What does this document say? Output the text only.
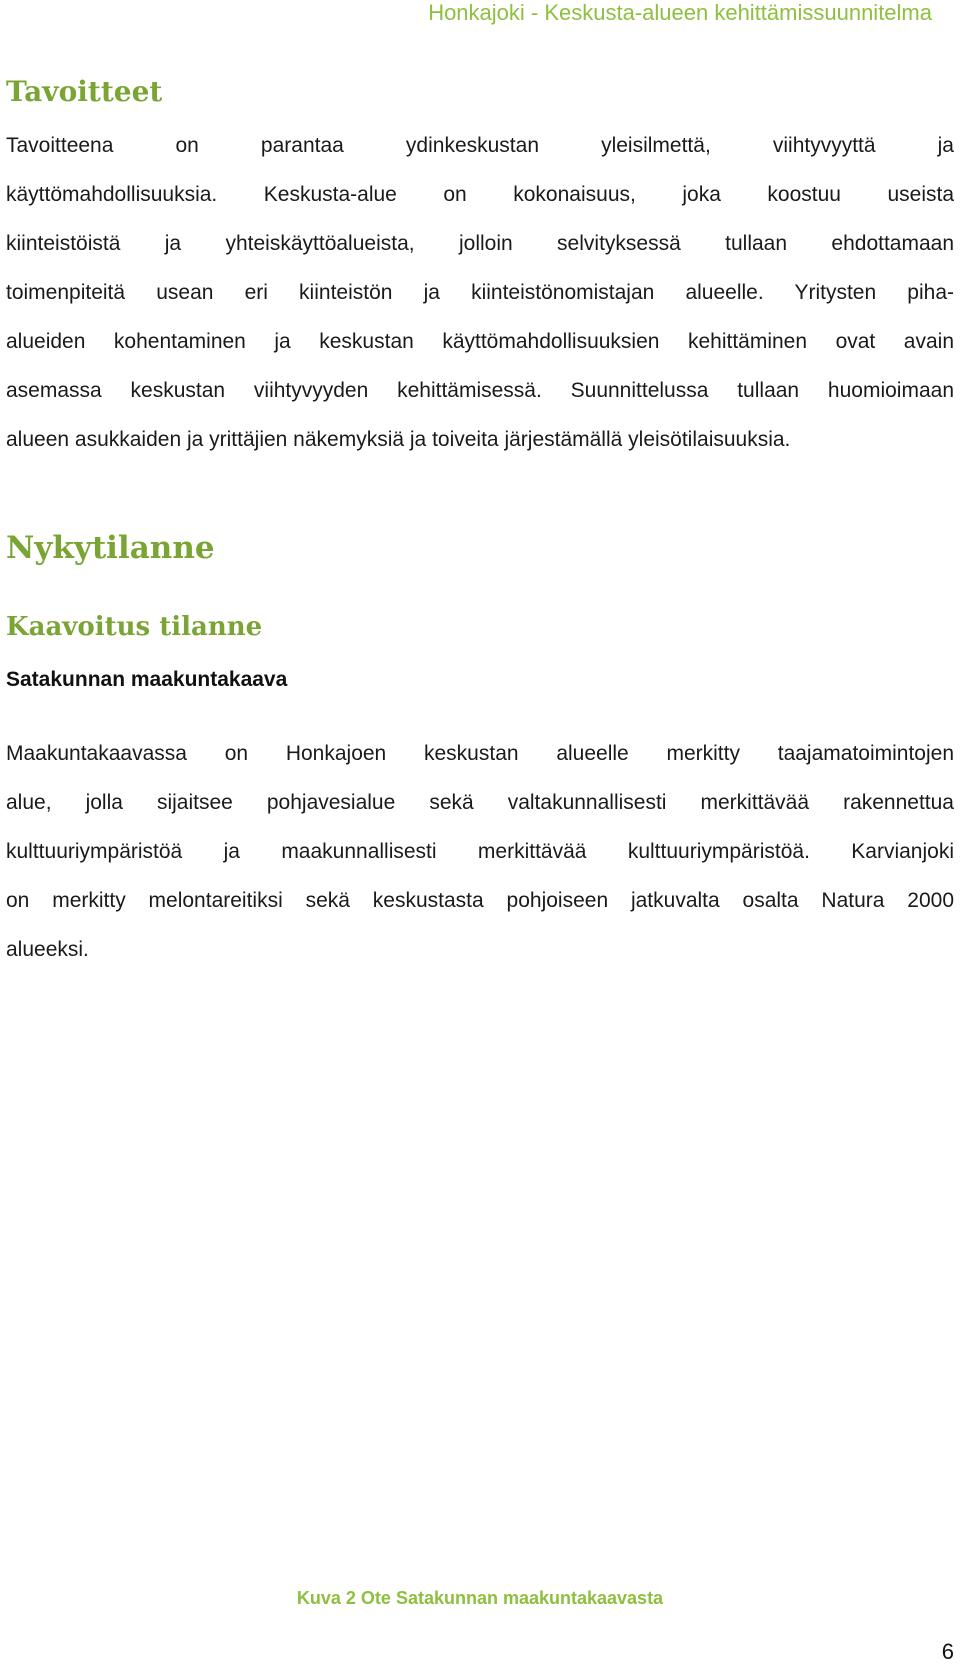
Honkajoki - Keskusta-alueen kehittämissuunnitelma
Tavoitteet
Tavoitteena on parantaa ydinkeskustan yleisilmettä, viihtyvyyttä ja
käyttömahdollisuuksia. Keskusta-alue on kokonaisuus, joka koostuu useista
kiinteistöistä ja yhteiskäyttöalueista, jolloin selvityksessä tullaan ehdottamaan
toimenpiteitä usean eri kiinteistön ja kiinteistönomistajan alueelle. Yritysten piha-
alueiden kohentaminen ja keskustan käyttömahdollisuuksien kehittäminen ovat avain
asemassa keskustan viihtyvyyden kehittämisessä. Suunnittelussa tullaan huomioimaan
alueen asukkaiden ja yrittäjien näkemyksiä ja toiveita järjestämällä yleisötilaisuuksia.
Nykytilanne
Kaavoitus tilanne
Satakunnan maakuntakaava
Maakuntakaavassa on Honkajoen keskustan alueelle merkitty taajamatoimintojen
alue, jolla sijaitsee pohjavesialue sekä valtakunnallisesti merkittävää rakennettua
kulttuuriympäristöä ja maakunnallisesti merkittävää kulttuuriympäristöä. Karvianjoki
on merkitty melontareitiksi sekä keskustasta pohjoiseen jatkuvalta osalta Natura 2000
alueeksi.
Kuva 2 Ote Satakunnan maakuntakaavasta
6
